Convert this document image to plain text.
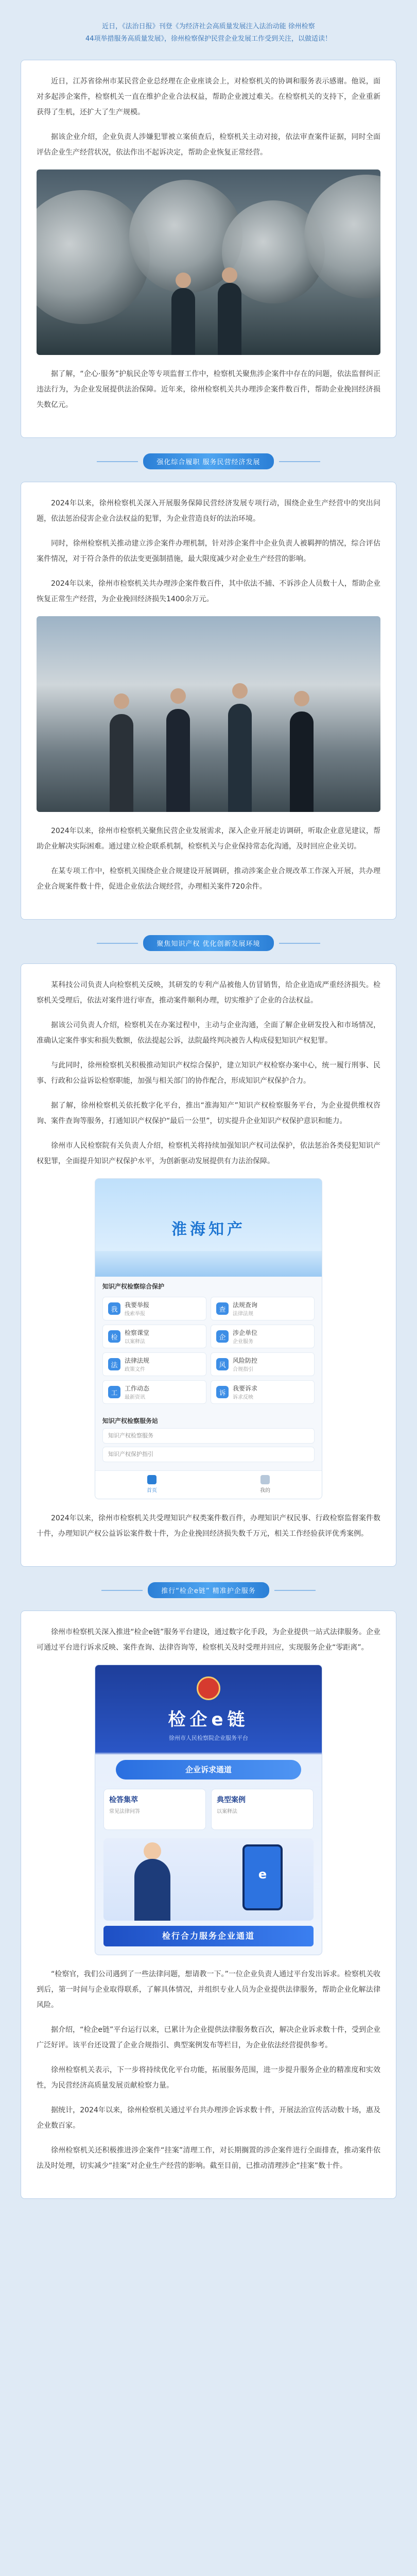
近日，《法治日报》刊登《为经济社会高质量发展注入法治动能 徐州检察

44项举措服务高质量发展》，徐州检察保护民营企业发展工作受到关注，以做适读！

近日，江苏省徐州市某民营企业总经理在企业座谈会上，对检察机关的协调和服务表示感谢。他说，面对多起涉企案件，检察机关一直在维护企业合法权益，帮助企业渡过难关。在检察机关的支持下，企业重新获得了生机，还扩大了生产规模。

据该企业介绍，企业负责人涉嫌犯罪被立案侦查后，检察机关主动对接，依法审查案件证据，同时全面评估企业生产经营状况，依法作出不起诉决定，帮助企业恢复正常经营。

据了解，“企心·服务”护航民企等专项监督工作中，检察机关聚焦涉企案件中存在的问题，依法监督纠正违法行为，为企业发展提供法治保障。近年来，徐州检察机关共办理涉企案件数百件，帮助企业挽回经济损失数亿元。

强化综合履职 服务民营经济发展

2024年以来，徐州检察机关深入开展服务保障民营经济发展专项行动，围绕企业生产经营中的突出问题，依法惩治侵害企业合法权益的犯罪，为企业营造良好的法治环境。

同时，徐州检察机关推动建立涉企案件办理机制，针对涉企案件中企业负责人被羁押的情况，综合评估案件情况，对于符合条件的依法变更强制措施，最大限度减少对企业生产经营的影响。

2024年以来，徐州市检察机关共办理涉企案件数百件，其中依法不捕、不诉涉企人员数十人，帮助企业恢复正常生产经营，为企业挽回经济损失1400余万元。

2024年以来，徐州市检察机关聚焦民营企业发展需求，深入企业开展走访调研，听取企业意见建议，帮助企业解决实际困难。通过建立检企联系机制，检察机关与企业保持常态化沟通，及时回应企业关切。

在某专项工作中，检察机关围绕企业合规建设开展调研，推动涉案企业合规改革工作深入开展，共办理企业合规案件数十件，促进企业依法合规经营，办理相关案件720余件。

聚焦知识产权 优化创新发展环境

某科技公司负责人向检察机关反映，其研发的专利产品被他人仿冒销售，给企业造成严重经济损失。检察机关受理后，依法对案件进行审查，推动案件顺利办理，切实维护了企业的合法权益。

据该公司负责人介绍，检察机关在办案过程中，主动与企业沟通，全面了解企业研发投入和市场情况，准确认定案件事实和损失数额，依法提起公诉，法院最终判决被告人构成侵犯知识产权犯罪。

与此同时，徐州检察机关积极推动知识产权综合保护，建立知识产权检察办案中心，统一履行刑事、民事、行政和公益诉讼检察职能，加强与相关部门的协作配合，形成知识产权保护合力。

据了解，徐州检察机关依托数字化平台，推出“淮海知产”知识产权检察服务平台，为企业提供维权咨询、案件查询等服务，打通知识产权保护“最后一公里”，切实提升企业知识产权保护意识和能力。

徐州市人民检察院有关负责人介绍，检察机关将持续加强知识产权司法保护，依法惩治各类侵犯知识产权犯罪，全面提升知识产权保护水平，为创新驱动发展提供有力法治保障。

淮海知产
知识产权检察综合保护
我
我要举报
线索举报
查
法规查询
法律法规
检
检察课堂
以案释法
企
涉企单位
企业服务
法
法律法规
政策文件
风
风险防控
合规指引
工
工作动态
最新资讯
诉
我要诉求
诉求反映
知识产权检察服务站
知识产权检察服务
知识产权保护指引
首页	我的

2024年以来，徐州市检察机关共受理知识产权类案件数百件，办理知识产权民事、行政检察监督案件数十件，办理知识产权公益诉讼案件数十件，为企业挽回经济损失数千万元，相关工作经验获评优秀案例。

推行“检企e链” 精准护企服务

徐州市检察机关深入推进“检企e链”服务平台建设，通过数字化手段，为企业提供一站式法律服务。企业可通过平台进行诉求反映、案件查询、法律咨询等，检察机关及时受理并回应，实现服务企业“零距离”。

检企e链
徐州市人民检察院企业服务平台
企业诉求通道
检答集萃
常见法律问答
典型案例
以案释法
e
检行合力服务企业通道

“检察官，我们公司遇到了一些法律问题，想请教一下。”一位企业负责人通过平台发出诉求。检察机关收到后，第一时间与企业取得联系，了解具体情况，并组织专业人员为企业提供法律服务，帮助企业化解法律风险。

据介绍，“检企e链”平台运行以来，已累计为企业提供法律服务数百次，解决企业诉求数十件，受到企业广泛好评。该平台还设置了企业合规指引、典型案例发布等栏目，为企业依法经营提供参考。

徐州检察机关表示，下一步将持续优化平台功能，拓展服务范围，进一步提升服务企业的精准度和实效性，为民营经济高质量发展贡献检察力量。

据统计，2024年以来，徐州检察机关通过平台共办理涉企诉求数十件，开展法治宣传活动数十场，惠及企业数百家。

徐州检察机关还积极推进涉企案件“挂案”清理工作，对长期搁置的涉企案件进行全面排查，推动案件依法及时处理，切实减少“挂案”对企业生产经营的影响。截至目前，已推动清理涉企“挂案”数十件。
